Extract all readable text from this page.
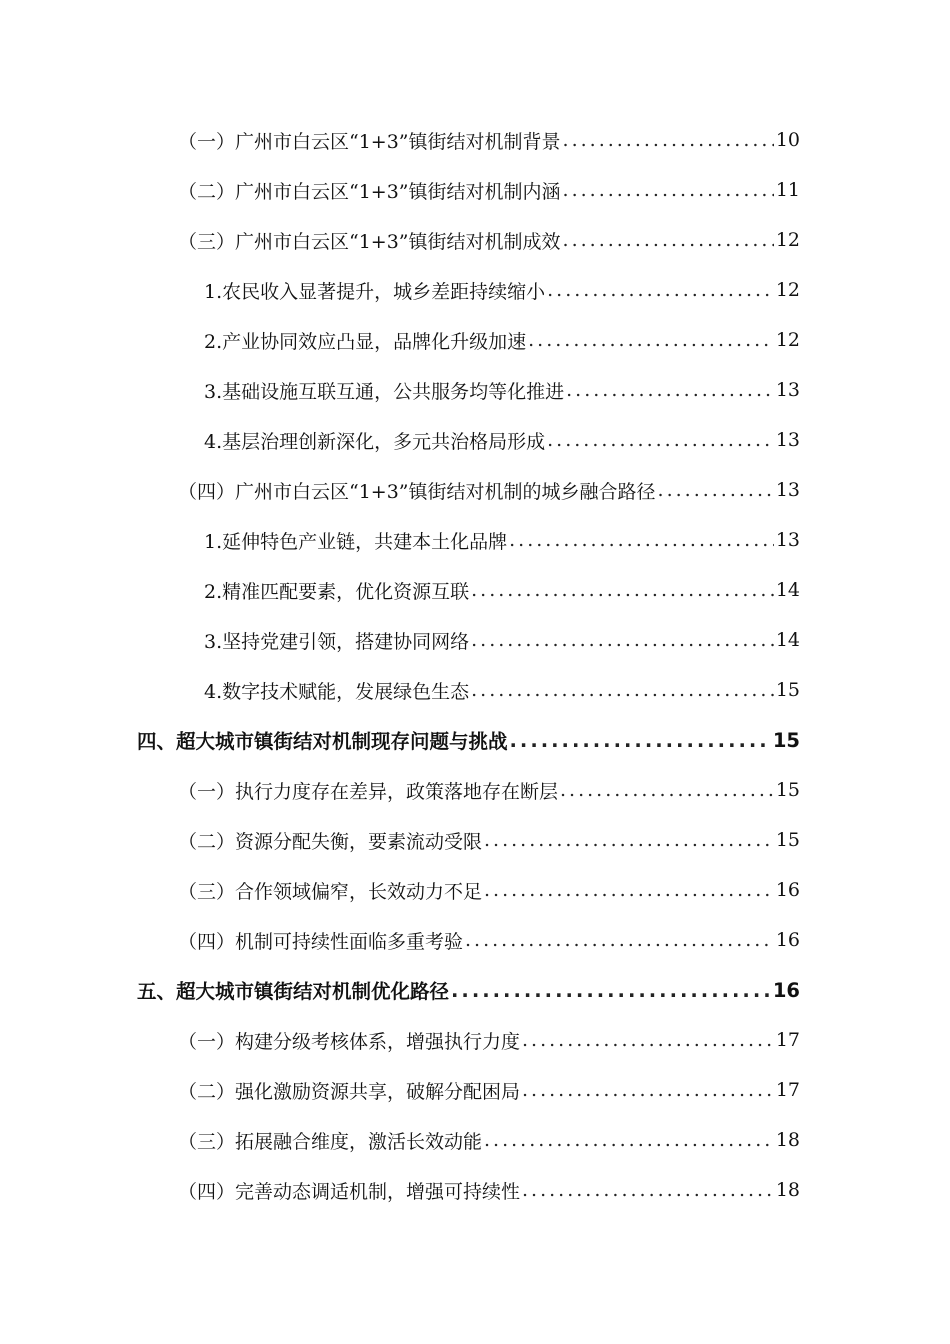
（一）广州市白云区“1+3”镇街结对机制背景 .....	10
（二）广州市白云区“1+3”镇街结对机制内涵 .....	11
（三）广州市白云区“1+3”镇街结对机制成效 .....	12
1.农民收入显著提升，城乡差距持续缩小 .....	12
2.产业协同效应凸显，品牌化升级加速 .....	12
3.基础设施互联互通，公共服务均等化推进 .....	13
4.基层治理创新深化，多元共治格局形成 .....	13
（四）广州市白云区“1+3”镇街结对机制的城乡融合路径 .....	13
1.延伸特色产业链，共建本土化品牌 .....	13
2.精准匹配要素，优化资源互联 .....	14
3.坚持党建引领，搭建协同网络 .....	14
4.数字技术赋能，发展绿色生态 .....	15
四、超大城市镇街结对机制现存问题与挑战 .....	15
（一）执行力度存在差异，政策落地存在断层 .....	15
（二）资源分配失衡，要素流动受限 .....	15
（三）合作领域偏窄，长效动力不足 .....	16
（四）机制可持续性面临多重考验 .....	16
五、超大城市镇街结对机制优化路径 .....	16
（一）构建分级考核体系，增强执行力度 .....	17
（二）强化激励资源共享，破解分配困局 .....	17
（三）拓展融合维度，激活长效动能 .....	18
（四）完善动态调适机制，增强可持续性 .....	18
